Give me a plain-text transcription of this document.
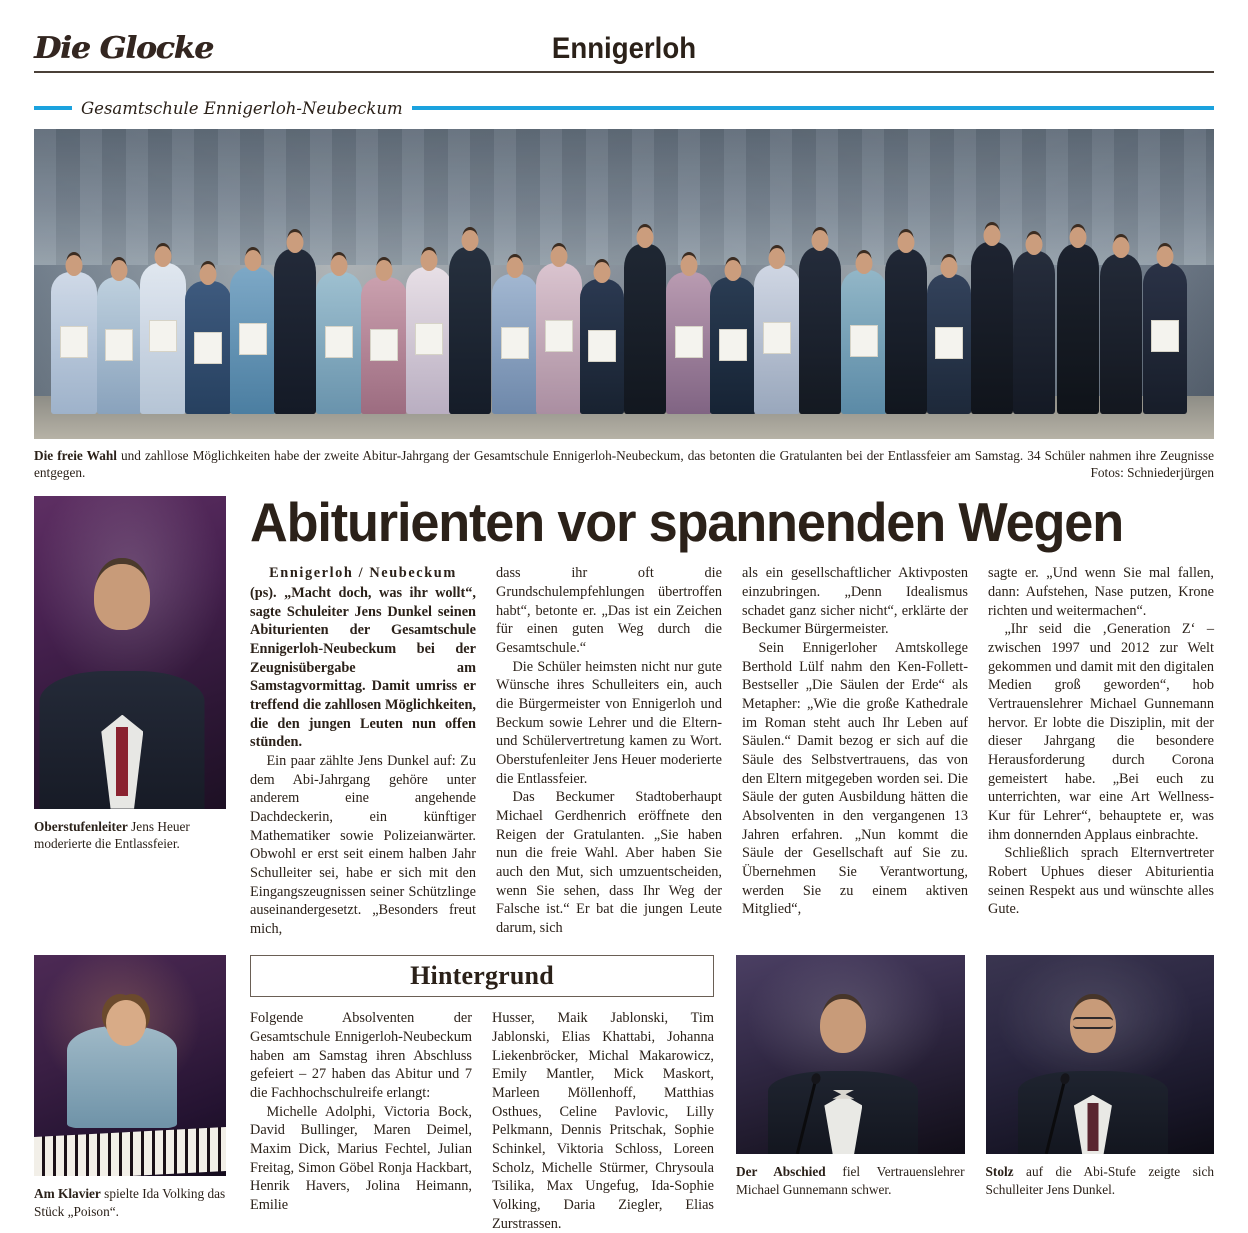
Die Glocke	Ennigerloh
Gesamtschule Ennigerloh-Neubeckum
Die freie Wahl und zahllose Möglichkeiten habe der zweite Abitur-Jahrgang der Gesamtschule Ennigerloh-Neubeckum, das betonten die Gratulanten bei der Entlassfeier am Samstag. 34 Schüler nahmen ihre Zeugnisse entgegen.	Fotos: Schniederjürgen
Oberstufenleiter Jens Heuer moderierte die Entlassfeier.
Abiturienten vor spannenden Wegen

Ennigerloh / Neubeckum
(ps). „Macht doch, was ihr wollt“, sagte Schuleiter Jens Dunkel seinen Abiturienten der Gesamtschule Ennigerloh-Neubeckum bei der Zeugnisübergabe am Samstagvormittag. Damit umriss er treffend die zahllosen Möglichkeiten, die den jungen Leuten nun offen stünden.

Ein paar zählte Jens Dunkel auf: Zu dem Abi-Jahrgang gehöre unter anderem eine angehende Dachdeckerin, ein künftiger Mathematiker sowie Polizeianwärter. Obwohl er erst seit einem halben Jahr Schulleiter sei, habe er sich mit den Eingangszeugnissen seiner Schützlinge auseinandergesetzt. „Besonders freut mich,

dass ihr oft die Grundschulempfehlungen übertroffen habt“, betonte er. „Das ist ein Zeichen für einen guten Weg durch die Gesamtschule.“

Die Schüler heimsten nicht nur gute Wünsche ihres Schulleiters ein, auch die Bürgermeister von Ennigerloh und Beckum sowie Lehrer und die Eltern- und Schülervertretung kamen zu Wort. Oberstufenleiter Jens Heuer moderierte die Entlassfeier.

Das Beckumer Stadtoberhaupt Michael Gerdhenrich eröffnete den Reigen der Gratulanten. „Sie haben nun die freie Wahl. Aber haben Sie auch den Mut, sich umzuentscheiden, wenn Sie sehen, dass Ihr Weg der Falsche ist.“ Er bat die jungen Leute darum, sich

als ein gesellschaftlicher Aktivposten einzubringen. „Denn Idealismus schadet ganz sicher nicht“, erklärte der Beckumer Bürgermeister.

Sein Ennigerloher Amtskollege Berthold Lülf nahm den Ken-Follett-Bestseller „Die Säulen der Erde“ als Metapher: „Wie die große Kathedrale im Roman steht auch Ihr Leben auf Säulen.“ Damit bezog er sich auf die Säule des Selbstvertrauens, das von den Eltern mitgegeben worden sei. Die Säule der guten Ausbildung hätten die Absolventen in den vergangenen 13 Jahren erfahren. „Nun kommt die Säule der Gesellschaft auf Sie zu. Übernehmen Sie Verantwortung, werden Sie zu einem aktiven Mitglied“,

sagte er. „Und wenn Sie mal fallen, dann: Aufstehen, Nase putzen, Krone richten und weitermachen“.

„Ihr seid die ‚Generation Z‘ – zwischen 1997 und 2012 zur Welt gekommen und damit mit den digitalen Medien groß geworden“, hob Vertrauenslehrer Michael Gunnemann hervor. Er lobte die Disziplin, mit der dieser Jahrgang die besondere Herausforderung durch Corona gemeistert habe. „Bei euch zu unterrichten, war eine Art Wellness-Kur für Lehrer“, behauptete er, was ihm donnernden Applaus einbrachte.

Schließlich sprach Elternvertreter Robert Uphues dieser Abiturientia seinen Respekt aus und wünschte alles Gute.

Am Klavier spielte Ida Volking das Stück „Poison“.
Hintergrund

Folgende Absolventen der Gesamtschule Ennigerloh-Neubeckum haben am Samstag ihren Abschluss gefeiert – 27 haben das Abitur und 7 die Fachhochschulreife erlangt:

Michelle Adolphi, Victoria Bock, David Bullinger, Maren Deimel, Maxim Dick, Marius Fechtel, Julian Freitag, Simon Göbel Ronja Hackbart, Henrik Havers, Jolina Heimann, Emilie

Husser, Maik Jablonski, Tim Jablonski, Elias Khattabi, Johanna Liekenbröcker, Michal Makarowicz, Emily Mantler, Mick Maskort, Marleen Möllenhoff, Matthias Osthues, Celine Pavlovic, Lilly Pelkmann, Dennis Pritschak, Sophie Schinkel, Viktoria Schloss, Loreen Scholz, Michelle Stürmer, Chrysoula Tsilika, Max Ungefug, Ida-Sophie Volking, Daria Ziegler, Elias Zurstrassen.

Der Abschied fiel Vertrauenslehrer Michael Gunnemann schwer.
Stolz auf die Abi-Stufe zeigte sich Schulleiter Jens Dunkel.
